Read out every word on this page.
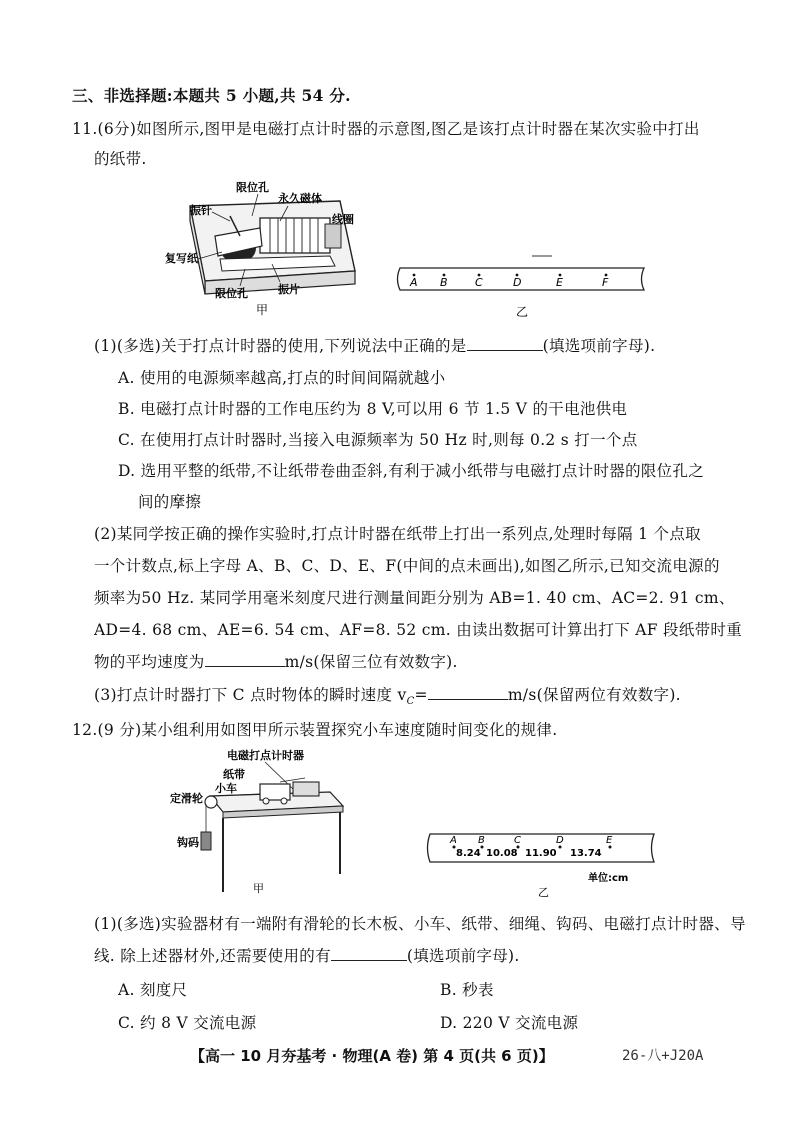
三、非选择题:本题共 5 小题,共 54 分.
11.(6分)如图所示,图甲是电磁打点计时器的示意图,图乙是该打点计时器在某次实验中打出
的纸带.
限位孔
永久磁体
振针
线圈
复写纸
限位孔	振片
甲
A B C	D	E	F
乙
(1)(多选)关于打点计时器的使用,下列说法中正确的是	(填选项前字母).
A. 使用的电源频率越高,打点的时间间隔就越小
B. 电磁打点计时器的工作电压约为 8 V,可以用 6 节 1.5 V 的干电池供电
C. 在使用打点计时器时,当接入电源频率为 50 Hz 时,则每 0.2 s 打一个点
D. 选用平整的纸带,不让纸带卷曲歪斜,有利于减小纸带与电磁打点计时器的限位孔之
间的摩擦
(2)某同学按正确的操作实验时,打点计时器在纸带上打出一系列点,处理时每隔 1 个点取
一个计数点,标上字母 A、B、C、D、E、F(中间的点未画出),如图乙所示,已知交流电源的
频率为50 Hz. 某同学用毫米刻度尺进行测量间距分别为 AB=1. 40 cm、AC=2. 91 cm、
AD=4. 68 cm、AE=6. 54 cm、AF=8. 52 cm. 由读出数据可计算出打下 AF 段纸带时重
物的平均速度为	m/s(保留三位有效数字).
(3)打点计时器打下 C 点时物体的瞬时速度 $v_C=$	m/s(保留两位有效数字).
12.(9 分)某小组利用如图甲所示装置探究小车速度随时间变化的规律.
电磁打点计时器
纸带
小车
定滑轮
钩码
甲
A B	C	D	E
8.24 10.08 11.90 13.74
单位:cm
乙
(1)(多选)实验器材有一端附有滑轮的长木板、小车、纸带、细绳、钩码、电磁打点计时器、导
线. 除上述器材外,还需要使用的有	(填选项前字母).
A. 刻度尺	B. 秒表
C. 约 8 V 交流电源	D. 220 V 交流电源
【高一 10 月夯基考 · 物理(A 卷) 第 4 页(共 6 页)】	26-八+J20A
